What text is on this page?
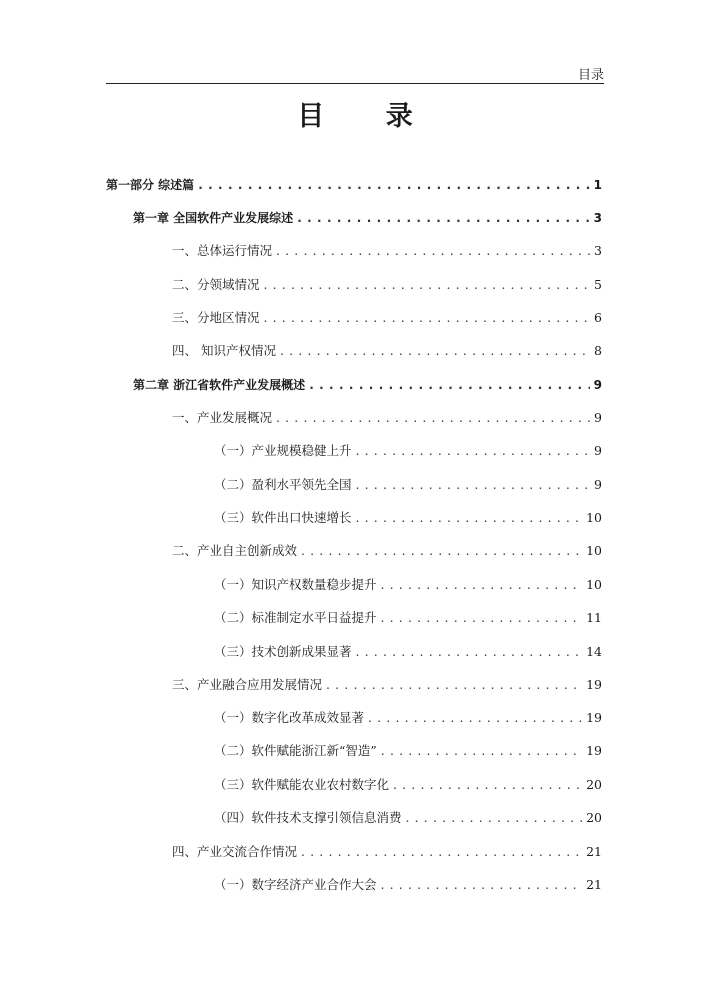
目录
目 录
第一部分 综述篇 . . .	1
第一章 全国软件产业发展综述 . . .	3
一、总体运行情况 . . .	3
二、分领域情况 . . .	5
三、分地区情况 . . .	6
四、 知识产权情况 . . .	8
第二章 浙江省软件产业发展概述 . . .	9
一、产业发展概况 . . .	9
（一）产业规模稳健上升 . . .	9
（二）盈利水平领先全国 . . .	9
（三）软件出口快速增长 . . .	10
二、产业自主创新成效 . . .	10
（一）知识产权数量稳步提升 . . .	10
（二）标准制定水平日益提升 . . .	11
（三）技术创新成果显著 . . .	14
三、产业融合应用发展情况 . . .	19
（一）数字化改革成效显著 . . .	19
（二）软件赋能浙江新“智造” . . .	19
（三）软件赋能农业农村数字化 . . .	20
（四）软件技术支撑引领信息消费 . . .	20
四、产业交流合作情况 . . .	21
（一）数字经济产业合作大会 . . .	21
